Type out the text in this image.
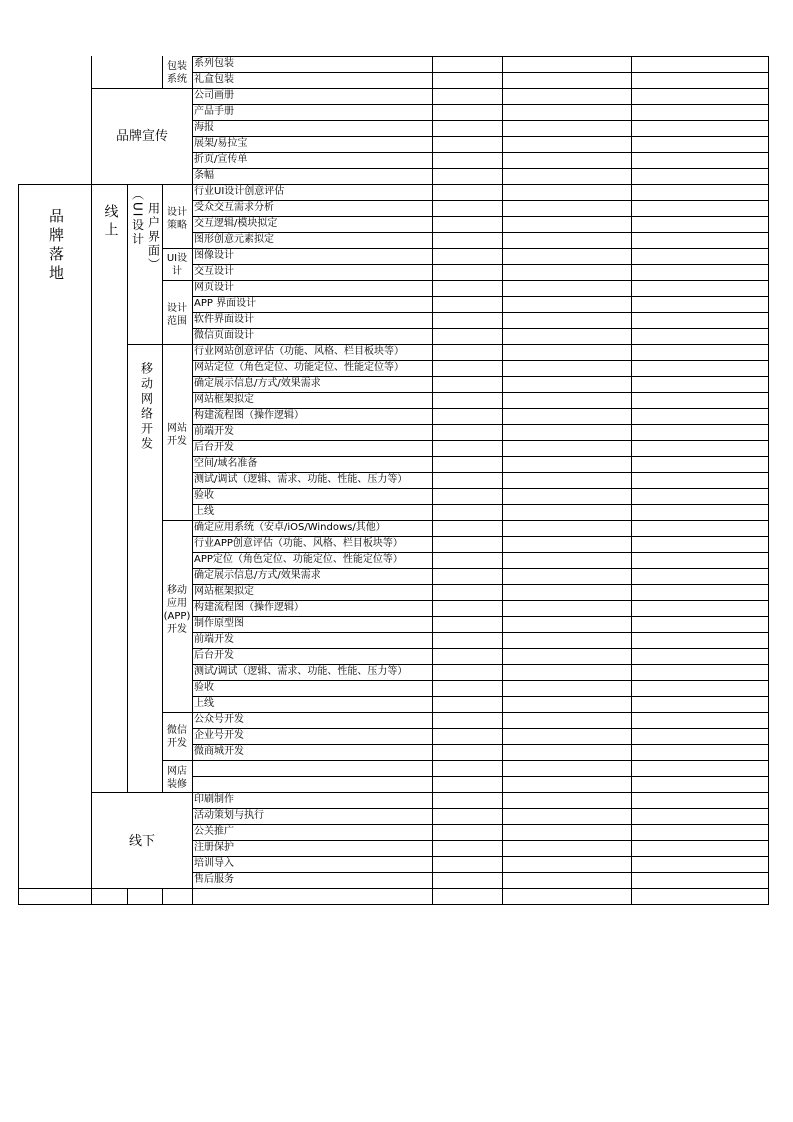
系列包装
礼盒包装
公司画册
产品手册
海报
展架/易拉宝
折页/宣传单
条幅
行业UI设计创意评估
受众交互需求分析
交互逻辑/模块拟定
图形创意元素拟定
图像设计
交互设计
网页设计
APP 界面设计
软件界面设计
微信页面设计
行业网站创意评估（功能、风格、栏目板块等）
网站定位（角色定位、功能定位、性能定位等）
确定展示信息/方式/效果需求
网站框架拟定
构建流程图（操作逻辑）
前端开发
后台开发
空间/域名准备
测试/调试（逻辑、需求、功能、性能、压力等）
验收
上线
确定应用系统（安卓/iOS/Windows/其他）
行业APP创意评估（功能、风格、栏目板块等）
APP定位（角色定位、功能定位、性能定位等）
确定展示信息/方式/效果需求
网站框架拟定
构建流程图（操作逻辑）
制作原型图
前端开发
后台开发
测试/调试（逻辑、需求、功能、性能、压力等）
验收
上线
公众号开发
企业号开发
微商城开发
印刷制作
活动策划与执行
公关推广
注册保护
培训导入
售后服务
品牌落地	线上 （UI设计 用户界面）
移动网络开发
品牌宣传
线下
包装系统
设计策略
UI设计
设计范围
网站开发
移动应用(APP)开发
微信开发
网店装修
